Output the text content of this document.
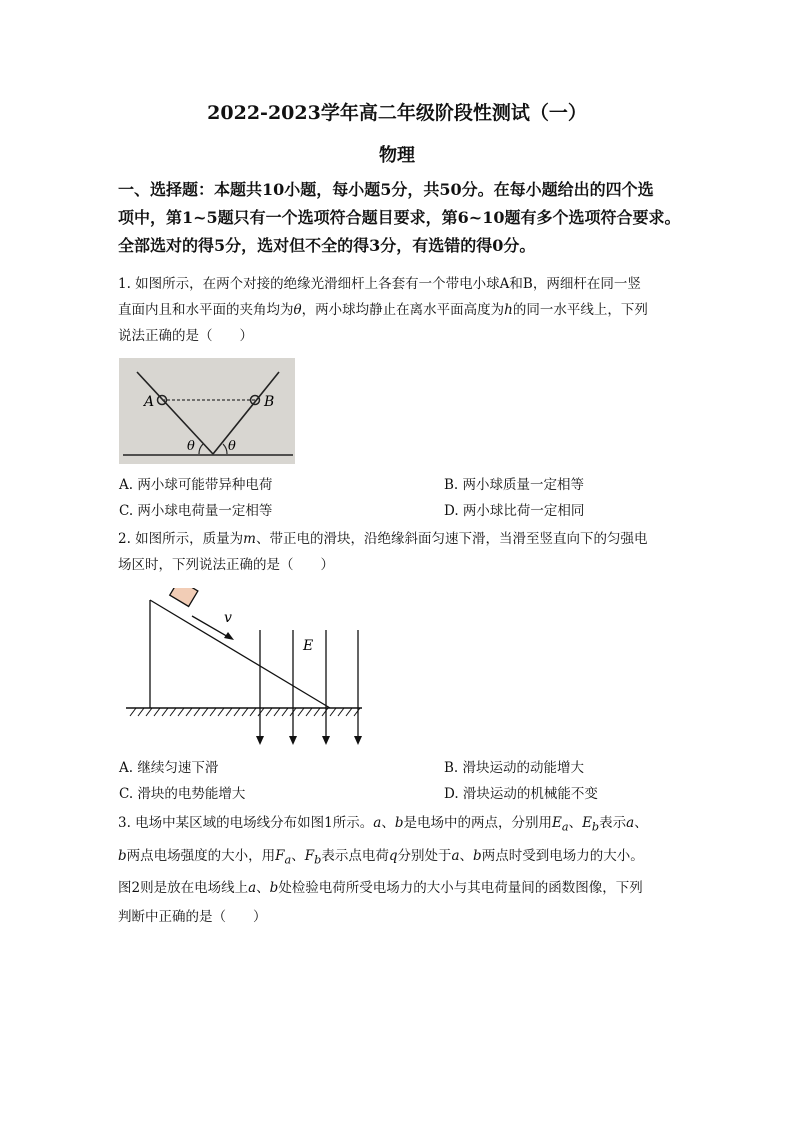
2022-2023学年高二年级阶段性测试（一）
物理
一、选择题：本题共10小题，每小题5分，共50分。在每小题给出的四个选
项中，第1~5题只有一个选项符合题目要求，第6~10题有多个选项符合要求。
全部选对的得5分，选对但不全的得3分，有选错的得0分。
1. 如图所示，在两个对接的绝缘光滑细杆上各套有一个带电小球A和B，两细杆在同一竖
直面内且和水平面的夹角均为θ，两小球均静止在离水平面高度为h的同一水平线上，下列
说法正确的是（　　）
A	B
θ	θ
A. 两小球可能带异种电荷	B. 两小球质量一定相等
C. 两小球电荷量一定相等	D. 两小球比荷一定相同
2. 如图所示，质量为m、带正电的滑块，沿绝缘斜面匀速下滑，当滑至竖直向下的匀强电
场区时，下列说法正确的是（　　）
v
E
A. 继续匀速下滑	B. 滑块运动的动能增大
C. 滑块的电势能增大	D. 滑块运动的机械能不变
3. 电场中某区域的电场线分布如图1所示。a、b是电场中的两点，分别用$E_a$、$E_b$表示a、
b两点电场强度的大小，用$F_a$、$F_b$表示点电荷q分别处于a、b两点时受到电场力的大小。
图2则是放在电场线上a、b处检验电荷所受电场力的大小与其电荷量间的函数图像，下列
判断中正确的是（　　）
